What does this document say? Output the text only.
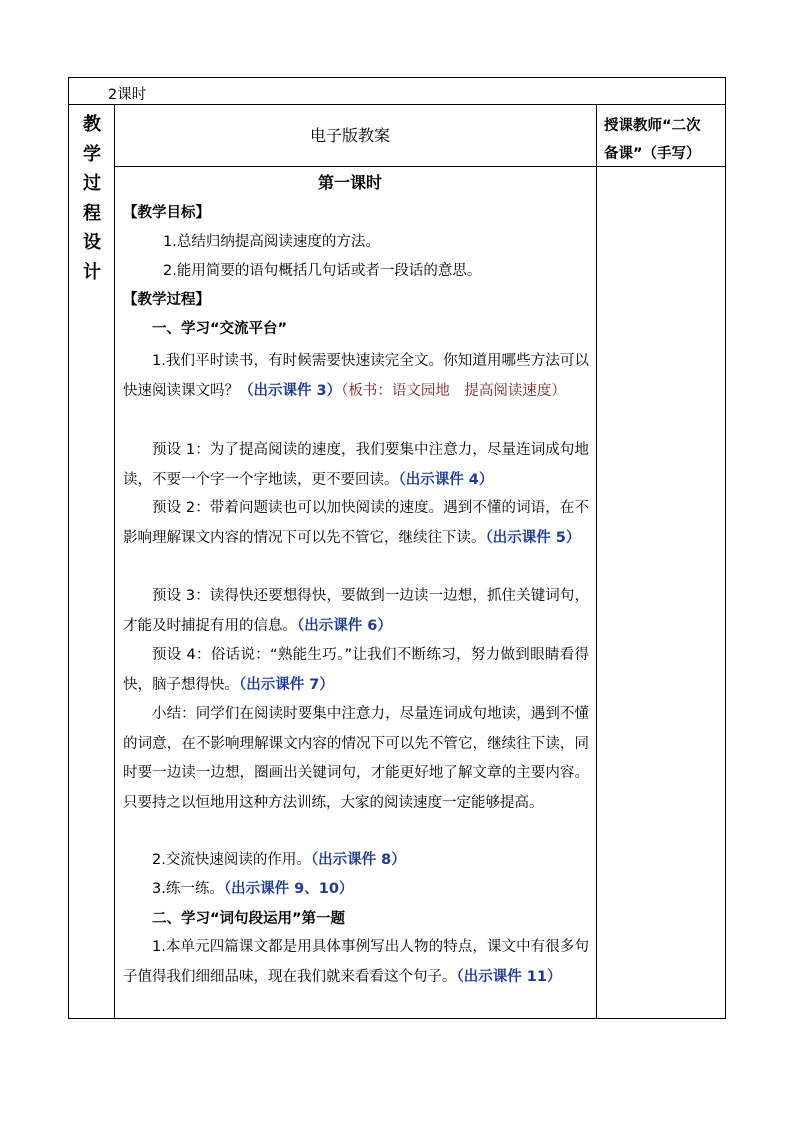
2课时
教
学
过
程
设
计
电子版教案	授课教师“二次
备课”（手写）
第一课时
【教学目标】
1.总结归纳提高阅读速度的方法。
2.能用简要的语句概括几句话或者一段话的意思。
【教学过程】
一、学习“交流平台”
1.我们平时读书，有时候需要快速读完全文。你知道用哪些方法可以快速阅读课文吗？（出示课件 3）（板书：语文园地　提高阅读速度）
预设 1：为了提高阅读的速度，我们要集中注意力，尽量连词成句地读，不要一个字一个字地读，更不要回读。（出示课件 4）
预设 2：带着问题读也可以加快阅读的速度。遇到不懂的词语，在不影响理解课文内容的情况下可以先不管它，继续往下读。（出示课件 5）
预设 3：读得快还要想得快，要做到一边读一边想，抓住关键词句，才能及时捕捉有用的信息。（出示课件 6）
预设 4：俗话说：“熟能生巧。”让我们不断练习，努力做到眼睛看得快，脑子想得快。（出示课件 7）
小结：同学们在阅读时要集中注意力，尽量连词成句地读，遇到不懂的词意，在不影响理解课文内容的情况下可以先不管它，继续往下读，同时要一边读一边想，圈画出关键词句，才能更好地了解文章的主要内容。只要持之以恒地用这种方法训练，大家的阅读速度一定能够提高。
2.交流快速阅读的作用。（出示课件 8）
3.练一练。（出示课件 9、10）
二、学习“词句段运用”第一题
1.本单元四篇课文都是用具体事例写出人物的特点，课文中有很多句子值得我们细细品味，现在我们就来看看这个句子。（出示课件 11）
